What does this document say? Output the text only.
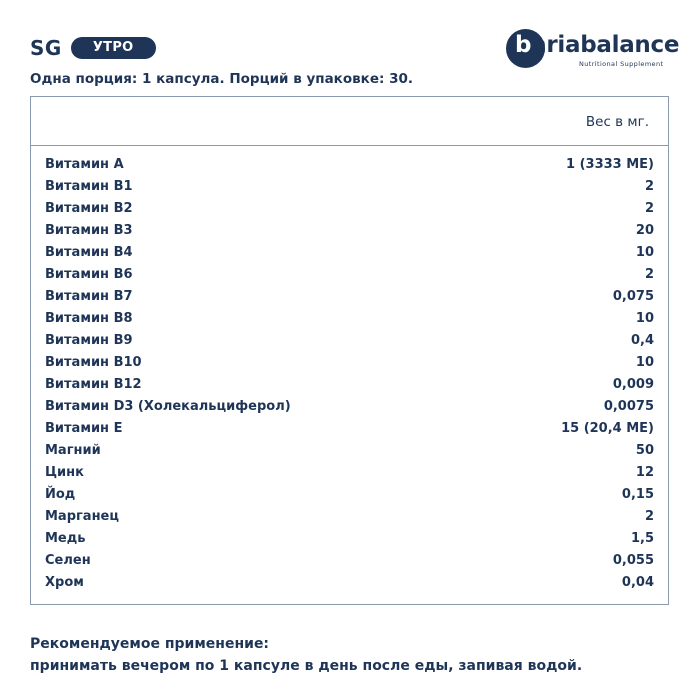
SG	УТРО	bariabalance
Nutritional Supplement
Одна порция: 1 капсула. Порций в упаковке: 30.
Вес в мг.
Витамин A	1 (3333 МЕ)
Витамин B1	2
Витамин B2	2
Витамин B3	20
Витамин B4	10
Витамин B6	2
Витамин B7	0,075
Витамин B8	10
Витамин B9	0,4
Витамин B10	10
Витамин B12	0,009
Витамин D3 (Холекальциферол)	0,0075
Витамин E	15 (20,4 МЕ)
Магний	50
Цинк	12
Йод	0,15
Марганец	2
Медь	1,5
Селен	0,055
Хром	0,04
Рекомендуемое применение:
принимать вечером по 1 капсуле в день после еды, запивая водой.
